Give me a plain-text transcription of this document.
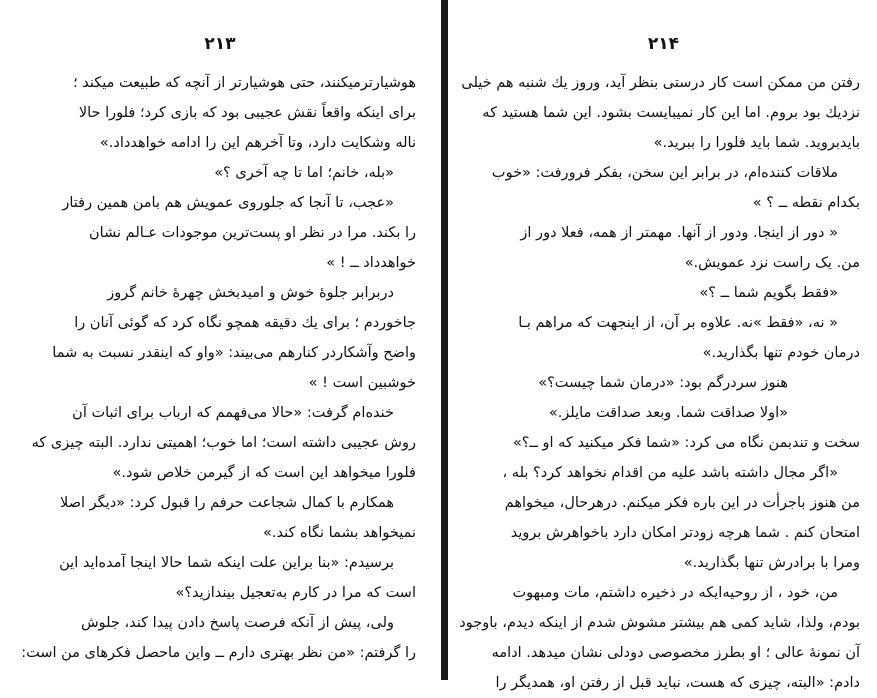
۲۱۳
هوشیارترمیکنند، حتی هوشیارتر از آنچه که طبیعت میکند ؛
برای اینکه واقعاً نقش عجیبی بود که بازی کرد؛ فلورا حالا
ناله وشکایت دارد، وتا آخرهم این را ادامه خواهدداد.»
«بله، خانم؛ اما تا چه آخری ؟»
«عجب، تا آنجا که جلوروی عمویش هم بامن همین رفتار
را بکند. مرا در نظر او پست‌ترین موجودات عـالم نشان
خواهدداد ــ ! »
دربرابر جلوهٔ خوش و امیدبخش چهرهٔ خانم گروز
جاخوردم ؛ برای یك دقیقه همچو نگاه کرد که گوئی آنان را
واضح وآشکاردر کنارهم می‌بیند: «واو که اینقدر نسبت به شما
خوشبین است ! »
خنده‌ام گرفت: «حالا می‌فهمم که ارباب برای اثبات آن
روش عجیبی داشته است؛ اما خوب؛ اهمیتی ندارد. البته چیزی که
فلورا میخواهد این است که از گیرمن خلاص شود.»
همکارم با کمال شجاعت حرفم را قبول کرد: «دیگر اصلا
نمیخواهد بشما نگاه کند.»
برسیدم: «بنا براین علت اینکه شما حالا اینجا آمده‌اید این
است که مرا در کارم به‌تعجیل بیندازید؟»
ولی، پیش از آنکه فرصت پاسخ دادن پیدا کند، جلوش
را گرفتم: «من نظر بهتری دارم ــ واین ماحصل فکرهای من است:
۲۱۴
رفتن من ممکن است کار درستی بنظر آید، وروز یك شنبه هم خیلی
نزدیك بود بروم. اما این کار نمیبایست بشود. این شما هستید که
بایدبروید. شما باید فلورا را ببرید.»
ملاقات کننده‌ام، در برابر این سخن، بفکر فرورفت: «خوب
بکدام نقطه ــ ؟ »
« دور از اینجا. ودور از آنها. مهمتر از همه، فعلا دور از
من. یک راست نزد عمویش.»
«فقط بگویم شما ــ ؟»
« نه، «فقط »نه. علاوه بر آن، از اینجهت که مراهم بـا
درمان خودم تنها بگذارید.»
هنوز سردرگم بود: «درمان شما چیست؟»
«اولا صداقت شما. وبعد صداقت مایلز.»
سخت و تندبمن نگاه می کرد: «شما فکر میکنید که او ــ؟»
«اگر مجال داشته باشد علیه من اقدام نخواهد کرد؟ بله ،
من هنوز باجرأت در این باره فکر میکنم. درهرحال، میخواهم
امتحان کنم . شما هرچه زودتر امکان دارد باخواهرش بروید
ومرا با برادرش تنها بگذارید.»
من، خود ، از روحیه‌ایکه در ذخیره داشتم، مات ومبهوت
بودم، ولذا، شاید کمی هم بیشتر مشوش شدم از اینکه دیدم، باوجود
آن نمونهٔ عالی ؛ او بطرز مخصوصی دودلی نشان میدهد. ادامه
دادم: «البته، چیزی که هست، نباید قبل از رفتن او، همدیگر را
